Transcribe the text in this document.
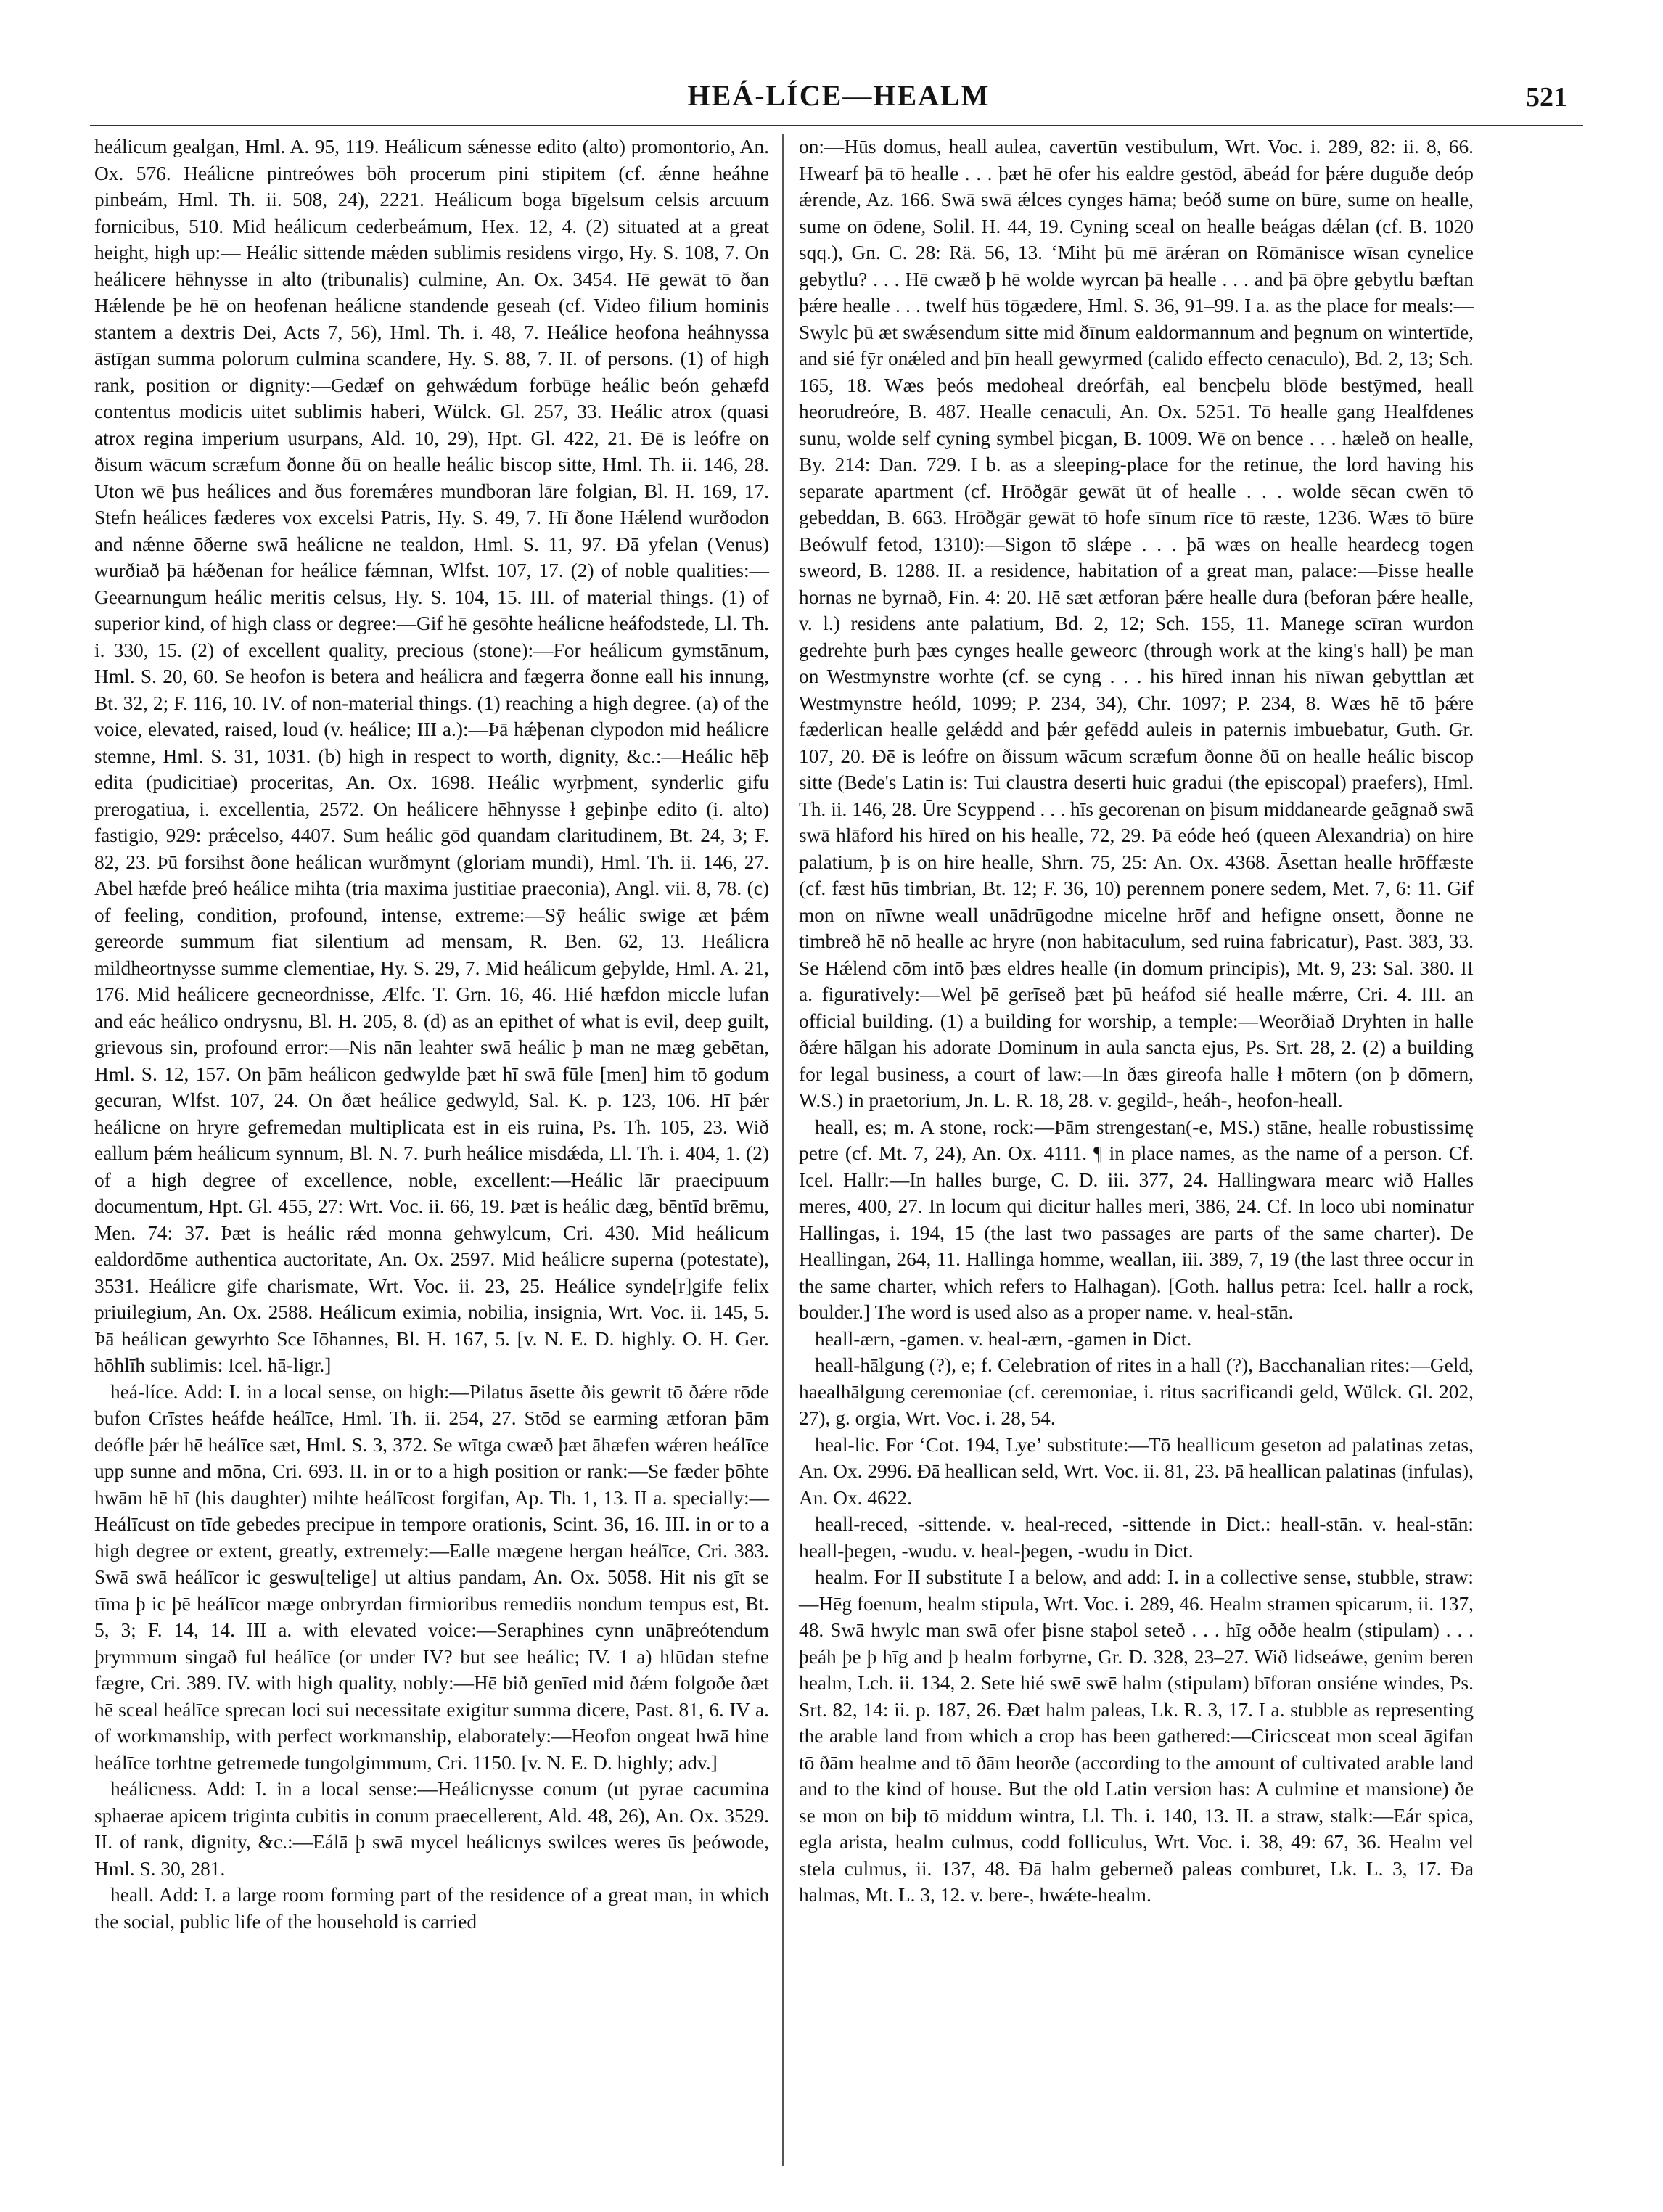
HEÁ-LÍCE—HEALM	521

heálicum gealgan, Hml. A. 95, 119. Heálicum sǽnesse edito (alto) promontorio, An. Ox. 576. Heálicne pintreówes bōh procerum pini stipitem (cf. ǽnne heáhne pinbeám, Hml. Th. ii. 508, 24), 2221. Heálicum boga bīgelsum celsis arcuum fornicibus, 510. Mid heálicum cederbeámum, Hex. 12, 4. (2) situated at a great height, high up:— Heálic sittende mǽden sublimis residens virgo, Hy. S. 108, 7. On heálicere hēhnysse in alto (tribunalis) culmine, An. Ox. 3454. Hē gewāt tō ðan Hǽlende þe hē on heofenan heálicne standende geseah (cf. Video filium hominis stantem a dextris Dei, Acts 7, 56), Hml. Th. i. 48, 7. Heálice heofona heáhnyssa āstīgan summa polorum culmina scandere, Hy. S. 88, 7. II. of persons. (1) of high rank, position or dignity:—Gedæf on gehwǽdum forbūge heálic beón gehæfd contentus modicis uitet sublimis haberi, Wülck. Gl. 257, 33. Heálic atrox (quasi atrox regina imperium usurpans, Ald. 10, 29), Hpt. Gl. 422, 21. Ðē is leófre on ðisum wācum scræfum ðonne ðū on healle heálic biscop sitte, Hml. Th. ii. 146, 28. Uton wē þus heálices and ðus foremǽres mundboran lāre folgian, Bl. H. 169, 17. Stefn heálices fæderes vox excelsi Patris, Hy. S. 49, 7. Hī ðone Hǽlend wurðodon and nǽnne ōðerne swā heálicne ne tealdon, Hml. S. 11, 97. Ðā yfelan (Venus) wurðiað þā hǽðenan for heálice fǽmnan, Wlfst. 107, 17. (2) of noble qualities:—Geearnungum heálic meritis celsus, Hy. S. 104, 15. III. of material things. (1) of superior kind, of high class or degree:—Gif hē gesōhte heálicne heáfodstede, Ll. Th. i. 330, 15. (2) of excellent quality, precious (stone):—For heálicum gymstānum, Hml. S. 20, 60. Se heofon is betera and heálicra and fægerra ðonne eall his innung, Bt. 32, 2; F. 116, 10. IV. of non-material things. (1) reaching a high degree. (a) of the voice, elevated, raised, loud (v. heálice; III a.):—Þā hǽþenan clypodon mid heálicre stemne, Hml. S. 31, 1031. (b) high in respect to worth, dignity, &c.:—Heálic hēþ edita (pudicitiae) proceritas, An. Ox. 1698. Heálic wyrþment, synderlic gifu prerogatiua, i. excellentia, 2572. On heálicere hēhnysse ł geþinþe edito (i. alto) fastigio, 929: prǽcelso, 4407. Sum heálic gōd quandam claritudinem, Bt. 24, 3; F. 82, 23. Þū forsihst ðone heálican wurðmynt (gloriam mundi), Hml. Th. ii. 146, 27. Abel hæfde þreó heálice mihta (tria maxima justitiae praeconia), Angl. vii. 8, 78. (c) of feeling, condition, profound, intense, extreme:—Sȳ heálic swige æt þǽm gereorde summum fiat silentium ad mensam, R. Ben. 62, 13. Heálicra mildheortnysse summe clementiae, Hy. S. 29, 7. Mid heálicum geþylde, Hml. A. 21, 176. Mid heálicere gecneordnisse, Ælfc. T. Grn. 16, 46. Hié hæfdon miccle lufan and eác heálico ondrysnu, Bl. H. 205, 8. (d) as an epithet of what is evil, deep guilt, grievous sin, profound error:—Nis nān leahter swā heálic þ man ne mæg gebētan, Hml. S. 12, 157. On þām heálicon gedwylde þæt hī swā fūle [men] him tō godum gecuran, Wlfst. 107, 24. On ðæt heálice gedwyld, Sal. K. p. 123, 106. Hī þǽr heálicne on hryre gefremedan multiplicata est in eis ruina, Ps. Th. 105, 23. Wið eallum þǽm heálicum synnum, Bl. N. 7. Þurh heálice misdǽda, Ll. Th. i. 404, 1. (2) of a high degree of excellence, noble, excellent:—Heálic lār praecipuum documentum, Hpt. Gl. 455, 27: Wrt. Voc. ii. 66, 19. Þæt is heálic dæg, bēntīd brēmu, Men. 74: 37. Þæt is heálic rǽd monna gehwylcum, Cri. 430. Mid heálicum ealdordōme authentica auctoritate, An. Ox. 2597. Mid heálicre superna (potestate), 3531. Heálicre gife charismate, Wrt. Voc. ii. 23, 25. Heálice synde[r]gife felix priuilegium, An. Ox. 2588. Heálicum eximia, nobilia, insignia, Wrt. Voc. ii. 145, 5. Þā heálican gewyrhto Sce Iōhannes, Bl. H. 167, 5. [v. N. E. D. highly. O. H. Ger. hōhlīh sublimis: Icel. hā-ligr.]

heá-líce. Add: I. in a local sense, on high:—Pilatus āsette ðis gewrit tō ðǽre rōde bufon Crīstes heáfde heálīce, Hml. Th. ii. 254, 27. Stōd se earming ætforan þām deófle þǽr hē heálīce sæt, Hml. S. 3, 372. Se wītga cwæð þæt āhæfen wǽren heálīce upp sunne and mōna, Cri. 693. II. in or to a high position or rank:—Se fæder þōhte hwām hē hī (his daughter) mihte heálīcost forgifan, Ap. Th. 1, 13. II a. specially:—Heálīcust on tīde gebedes precipue in tempore orationis, Scint. 36, 16. III. in or to a high degree or extent, greatly, extremely:—Ealle mægene hergan heálīce, Cri. 383. Swā swā heálīcor ic geswu[telige] ut altius pandam, An. Ox. 5058. Hit nis gīt se tīma þ ic þē heálīcor mæge onbryrdan firmioribus remediis nondum tempus est, Bt. 5, 3; F. 14, 14. III a. with elevated voice:—Seraphines cynn unāþreótendum þrymmum singað ful heálīce (or under IV? but see heálic; IV. 1 a) hlūdan stefne fægre, Cri. 389. IV. with high quality, nobly:—Hē bið genīed mid ðǽm folgoðe ðæt hē sceal heálīce sprecan loci sui necessitate exigitur summa dicere, Past. 81, 6. IV a. of workmanship, with perfect workmanship, elaborately:—Heofon ongeat hwā hine heálīce torhtne getremede tungolgimmum, Cri. 1150. [v. N. E. D. highly; adv.]

heálicness. Add: I. in a local sense:—Heálicnysse conum (ut pyrae cacumina sphaerae apicem triginta cubitis in conum praecellerent, Ald. 48, 26), An. Ox. 3529. II. of rank, dignity, &c.:—Eálā þ swā mycel heálicnys swilces weres ūs þeówode, Hml. S. 30, 281.

heall. Add: I. a large room forming part of the residence of a great man, in which the social, public life of the household is carried

on:—Hūs domus, heall aulea, cavertūn vestibulum, Wrt. Voc. i. 289, 82: ii. 8, 66. Hwearf þā tō healle . . . þæt hē ofer his ealdre gestōd, ābeád for þǽre duguðe deóp ǽrende, Az. 166. Swā swā ǽlces cynges hāma; beóð sume on būre, sume on healle, sume on ōdene, Solil. H. 44, 19. Cyning sceal on healle beágas dǽlan (cf. B. 1020 sqq.), Gn. C. 28: Rä. 56, 13. ‘Miht þū mē ārǽran on Rōmānisce wīsan cynelice gebytlu? . . . Hē cwæð þ hē wolde wyrcan þā healle . . . and þā ōþre gebytlu bæftan þǽre healle . . . twelf hūs tōgædere, Hml. S. 36, 91–99. I a. as the place for meals:—Swylc þū æt swǽsendum sitte mid ðīnum ealdormannum and þegnum on wintertīde, and sié fȳr onǽled and þīn heall gewyrmed (calido effecto cenaculo), Bd. 2, 13; Sch. 165, 18. Wæs þeós medoheal dreórfāh, eal bencþelu blōde bestȳmed, heall heorudreóre, B. 487. Healle cenaculi, An. Ox. 5251. Tō healle gang Healfdenes sunu, wolde self cyning symbel þicgan, B. 1009. Wē on bence . . . hæleð on healle, By. 214: Dan. 729. I b. as a sleeping-place for the retinue, the lord having his separate apartment (cf. Hrōðgār gewāt ūt of healle . . . wolde sēcan cwēn tō gebeddan, B. 663. Hrōðgār gewāt tō hofe sīnum rīce tō ræste, 1236. Wæs tō būre Beówulf fetod, 1310):—Sigon tō slǽpe . . . þā wæs on healle heardecg togen sweord, B. 1288. II. a residence, habitation of a great man, palace:—Þisse healle hornas ne byrnað, Fin. 4: 20. Hē sæt ætforan þǽre healle dura (beforan þǽre healle, v. l.) residens ante palatium, Bd. 2, 12; Sch. 155, 11. Manege scīran wurdon gedrehte þurh þæs cynges healle geweorc (through work at the king's hall) þe man on Westmynstre worhte (cf. se cyng . . . his hīred innan his nīwan gebyttlan æt Westmynstre heóld, 1099; P. 234, 34), Chr. 1097; P. 234, 8. Wæs hē tō þǽre fæderlican healle gelǽdd and þǽr gefēdd auleis in paternis imbuebatur, Guth. Gr. 107, 20. Ðē is leófre on ðissum wācum scræfum ðonne ðū on healle heálic biscop sitte (Bede's Latin is: Tui claustra deserti huic gradui (the episcopal) praefers), Hml. Th. ii. 146, 28. Ūre Scyppend . . . hīs gecorenan on þisum middanearde geāgnað swā swā hlāford his hīred on his healle, 72, 29. Þā eóde heó (queen Alexandria) on hire palatium, þ is on hire healle, Shrn. 75, 25: An. Ox. 4368. Āsettan healle hrōffæste (cf. fæst hūs timbrian, Bt. 12; F. 36, 10) perennem ponere sedem, Met. 7, 6: 11. Gif mon on nīwne weall unādrūgodne micelne hrōf and hefigne onsett, ðonne ne timbreð hē nō healle ac hryre (non habitaculum, sed ruina fabricatur), Past. 383, 33. Se Hǽlend cōm intō þæs eldres healle (in domum principis), Mt. 9, 23: Sal. 380. II a. figuratively:—Wel þē gerīseð þæt þū heáfod sié healle mǽrre, Cri. 4. III. an official building. (1) a building for worship, a temple:—Weorðiað Dryhten in halle ðǽre hālgan his adorate Dominum in aula sancta ejus, Ps. Srt. 28, 2. (2) a building for legal business, a court of law:—In ðæs gireofa halle ł mōtern (on þ dōmern, W.S.) in praetorium, Jn. L. R. 18, 28. v. gegild-, heáh-, heofon-heall.

heall, es; m. A stone, rock:—Þām strengestan(-e, MS.) stāne, healle robustissimę petre (cf. Mt. 7, 24), An. Ox. 4111. ¶ in place names, as the name of a person. Cf. Icel. Hallr:—In halles burge, C. D. iii. 377, 24. Hallingwara mearc wið Halles meres, 400, 27. In locum qui dicitur halles meri, 386, 24. Cf. In loco ubi nominatur Hallingas, i. 194, 15 (the last two passages are parts of the same charter). De Heallingan, 264, 11. Hallinga homme, weallan, iii. 389, 7, 19 (the last three occur in the same charter, which refers to Halhagan). [Goth. hallus petra: Icel. hallr a rock, boulder.] The word is used also as a proper name. v. heal-stān.

heall-ærn, -gamen. v. heal-ærn, -gamen in Dict.

heall-hālgung (?), e; f. Celebration of rites in a hall (?), Bacchanalian rites:—Geld, haealhālgung ceremoniae (cf. ceremoniae, i. ritus sacrificandi geld, Wülck. Gl. 202, 27), g. orgia, Wrt. Voc. i. 28, 54.

heal-lic. For ‘Cot. 194, Lye’ substitute:—Tō heallicum geseton ad palatinas zetas, An. Ox. 2996. Ðā heallican seld, Wrt. Voc. ii. 81, 23. Þā heallican palatinas (infulas), An. Ox. 4622.

heall-reced, -sittende. v. heal-reced, -sittende in Dict.: heall-stān. v. heal-stān: heall-þegen, -wudu. v. heal-þegen, -wudu in Dict.

healm. For II substitute I a below, and add: I. in a collective sense, stubble, straw:—Hēg foenum, healm stipula, Wrt. Voc. i. 289, 46. Healm stramen spicarum, ii. 137, 48. Swā hwylc man swā ofer þisne staþol seteð . . . hīg oððe healm (stipulam) . . . þeáh þe þ hīg and þ healm forbyrne, Gr. D. 328, 23–27. Wið lidseáwe, genim beren healm, Lch. ii. 134, 2. Sete hié swē swē halm (stipulam) bīforan onsiéne windes, Ps. Srt. 82, 14: ii. p. 187, 26. Ðæt halm paleas, Lk. R. 3, 17. I a. stubble as representing the arable land from which a crop has been gathered:—Ciricsceat mon sceal āgifan tō ðām healme and tō ðām heorðe (according to the amount of cultivated arable land and to the kind of house. But the old Latin version has: A culmine et mansione) ðe se mon on biþ tō middum wintra, Ll. Th. i. 140, 13. II. a straw, stalk:—Eár spica, egla arista, healm culmus, codd folliculus, Wrt. Voc. i. 38, 49: 67, 36. Healm vel stela culmus, ii. 137, 48. Ðā halm geberneð paleas comburet, Lk. L. 3, 17. Ða halmas, Mt. L. 3, 12. v. bere-, hwǽte-healm.
